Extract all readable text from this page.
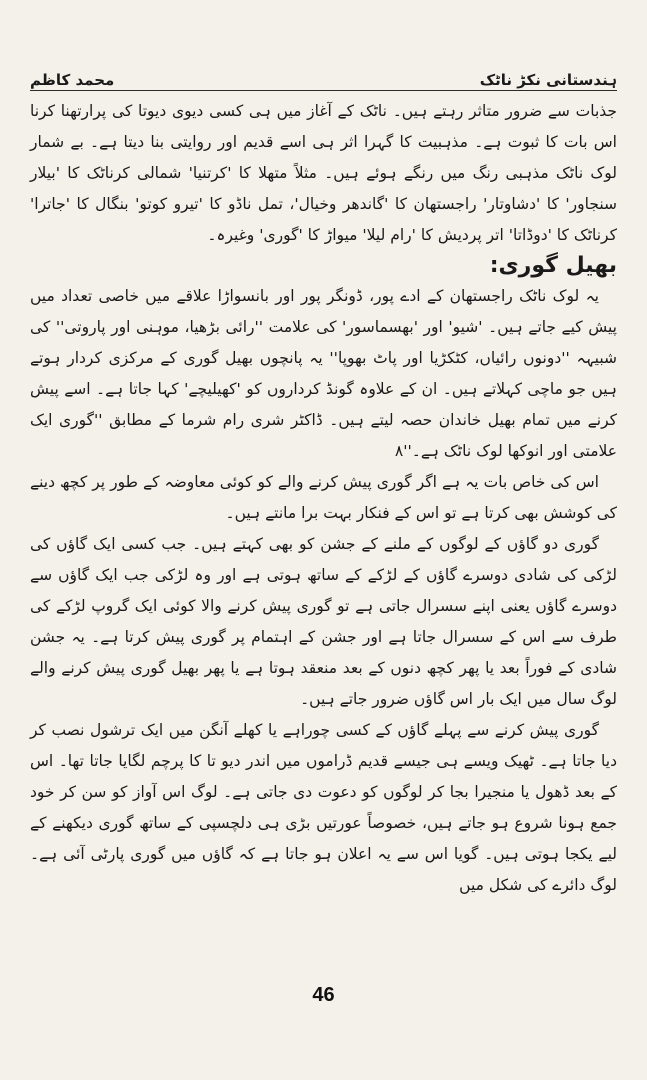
ہندستانی نکڑ ناٹک
محمد کاظم

جذبات سے ضرور متاثر رہتے ہیں۔ ناٹک کے آغاز میں ہی کسی دیوی دیوتا کی پرارتھنا کرنا اس بات کا ثبوت ہے۔ مذہبیت کا گہرا اثر ہی اسے قدیم اور روایتی بنا دیتا ہے۔ بے شمار لوک ناٹک مذہبی رنگ میں رنگے ہوئے ہیں۔ مثلاً متھلا کا 'کرتنیا' شمالی کرناٹک کا 'بیلار سنجاور' کا 'دشاوتار' راجستھان کا 'گاندھر وخیال'، تمل ناڈو کا 'تیرو کوتو' بنگال کا 'جاترا' کرناٹک کا 'دوڈاتا' اتر پردیش کا 'رام لیلا' میواڑ کا 'گوری' وغیرہ۔

بھیل گوری:

یہ لوک ناٹک راجستھان کے ادے پور، ڈونگر پور اور بانسواڑا علاقے میں خاصی تعداد میں پیش کیے جاتے ہیں۔ 'شیو' اور 'بھسماسور' کی علامت ''رائی بڑھیا، موہنی اور پاروتی'' کی شبیہہ ''دونوں رائیاں، کٹکڑیا اور پاٹ بھوپا'' یہ پانچوں بھیل گوری کے مرکزی کردار ہوتے ہیں جو ماچی کہلاتے ہیں۔ ان کے علاوہ گونڈ کرداروں کو 'کھیلیچے' کہا جاتا ہے۔ اسے پیش کرنے میں تمام بھیل خاندان حصہ لیتے ہیں۔ ڈاکٹر شری رام شرما کے مطابق ''گوری ایک علامتی اور انوکھا لوک ناٹک ہے۔''۸

اس کی خاص بات یہ ہے اگر گوری پیش کرنے والے کو کوئی معاوضہ کے طور پر کچھ دینے کی کوشش بھی کرتا ہے تو اس کے فنکار بہت برا مانتے ہیں۔

گوری دو گاؤں کے لوگوں کے ملنے کے جشن کو بھی کہتے ہیں۔ جب کسی ایک گاؤں کی لڑکی کی شادی دوسرے گاؤں کے لڑکے کے ساتھ ہوتی ہے اور وہ لڑکی جب ایک گاؤں سے دوسرے گاؤں یعنی اپنے سسرال جاتی ہے تو گوری پیش کرنے والا کوئی ایک گروپ لڑکے کی طرف سے اس کے سسرال جاتا ہے اور جشن کے اہتمام پر گوری پیش کرتا ہے۔ یہ جشن شادی کے فوراً بعد یا پھر کچھ دنوں کے بعد منعقد ہوتا ہے یا پھر بھیل گوری پیش کرنے والے لوگ سال میں ایک بار اس گاؤں ضرور جاتے ہیں۔

گوری پیش کرنے سے پہلے گاؤں کے کسی چوراہے یا کھلے آنگن میں ایک ترشول نصب کر دیا جاتا ہے۔ ٹھیک ویسے ہی جیسے قدیم ڈراموں میں اندر دیو تا کا پرچم لگایا جاتا تھا۔ اس کے بعد ڈھول یا منجیرا بجا کر لوگوں کو دعوت دی جاتی ہے۔ لوگ اس آواز کو سن کر خود جمع ہونا شروع ہو جاتے ہیں، خصوصاً عورتیں بڑی ہی دلچسپی کے ساتھ گوری دیکھنے کے لیے یکجا ہوتی ہیں۔ گویا اس سے یہ اعلان ہو جاتا ہے کہ گاؤں میں گوری پارٹی آئی ہے۔ لوگ دائرے کی شکل میں

46
